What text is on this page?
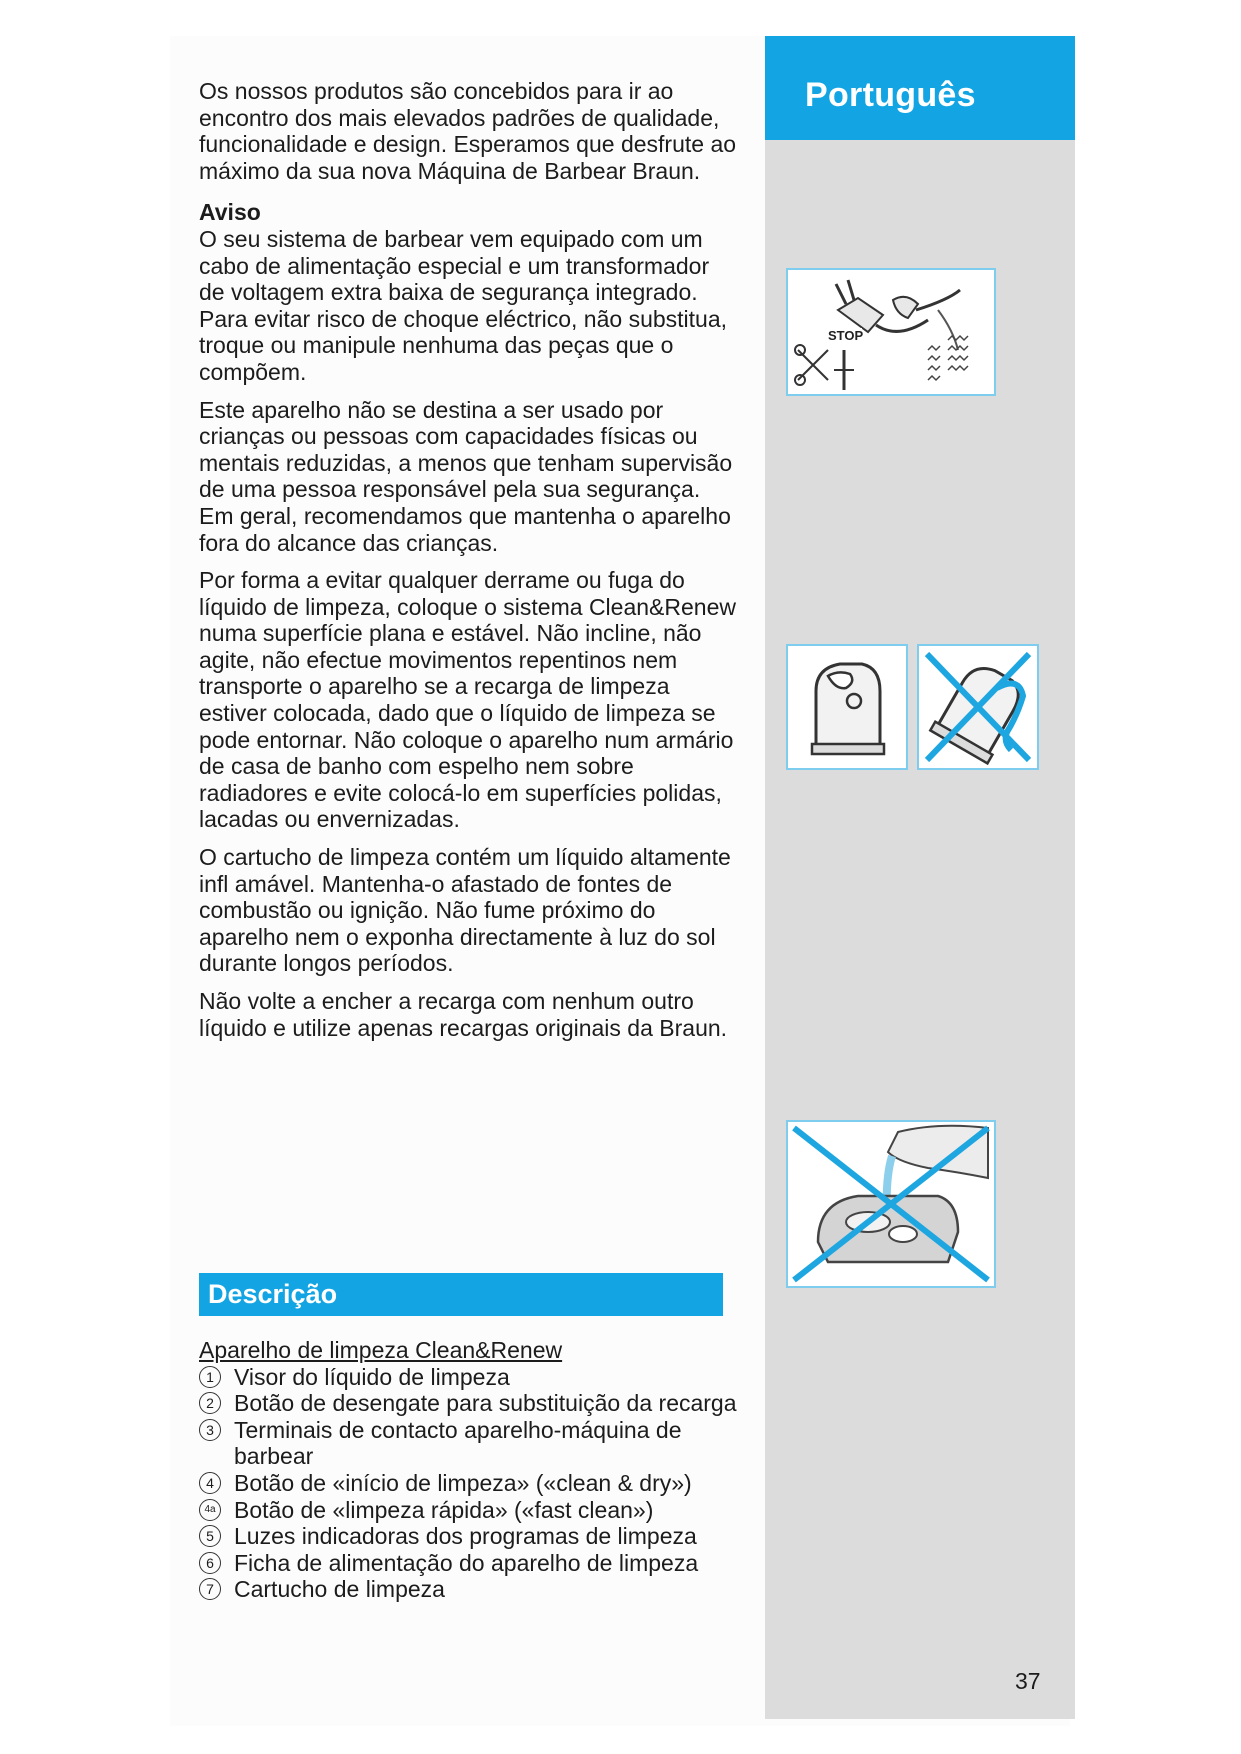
Português

Os nossos produtos são concebidos para ir ao encontro dos mais elevados padrões de qualidade, funcionalidade e design. Esperamos que desfrute ao máximo da sua nova Máquina de Barbear Braun.

Aviso

O seu sistema de barbear vem equipado com um cabo de alimentação especial e um transformador de voltagem extra baixa de segurança integrado. Para evitar risco de choque eléctrico, não substitua, troque ou manipule nenhuma das peças que o compõem.

Este aparelho não se destina a ser usado por crianças ou pessoas com capacidades físicas ou mentais reduzidas, a menos que tenham supervisão de uma pessoa responsável pela sua segurança. Em geral, recomendamos que mantenha o aparelho fora do alcance das crianças.

Por forma a evitar qualquer derrame ou fuga do líquido de limpeza, coloque o sistema Clean&Renew numa superfície plana e estável. Não incline, não agite, não efectue movimentos repentinos nem transporte o aparelho se a recarga de limpeza estiver colocada, dado que o líquido de limpeza se pode entornar. Não coloque o aparelho num armário de casa de banho com espelho nem sobre radiadores e evite colocá-lo em superfícies polidas, lacadas ou envernizadas.

O cartucho de limpeza contém um líquido altamente infl amável. Mantenha-o afastado de fontes de combustão ou ignição. Não fume próximo do aparelho nem o exponha directamente à luz do sol durante longos períodos.

Não volte a encher a recarga com nenhum outro líquido e utilize apenas recargas originais da Braun.

Descrição

Aparelho de limpeza Clean&Renew

1 Visor do líquido de limpeza
2 Botão de desengate para substituição da recarga
3 Terminais de contacto aparelho-máquina de barbear
4 Botão de «início de limpeza» («clean & dry»)
4a Botão de «limpeza rápida» («fast clean»)
5 Luzes indicadoras dos programas de limpeza
6 Ficha de alimentação do aparelho de limpeza
7 Cartucho de limpeza
STOP

37
